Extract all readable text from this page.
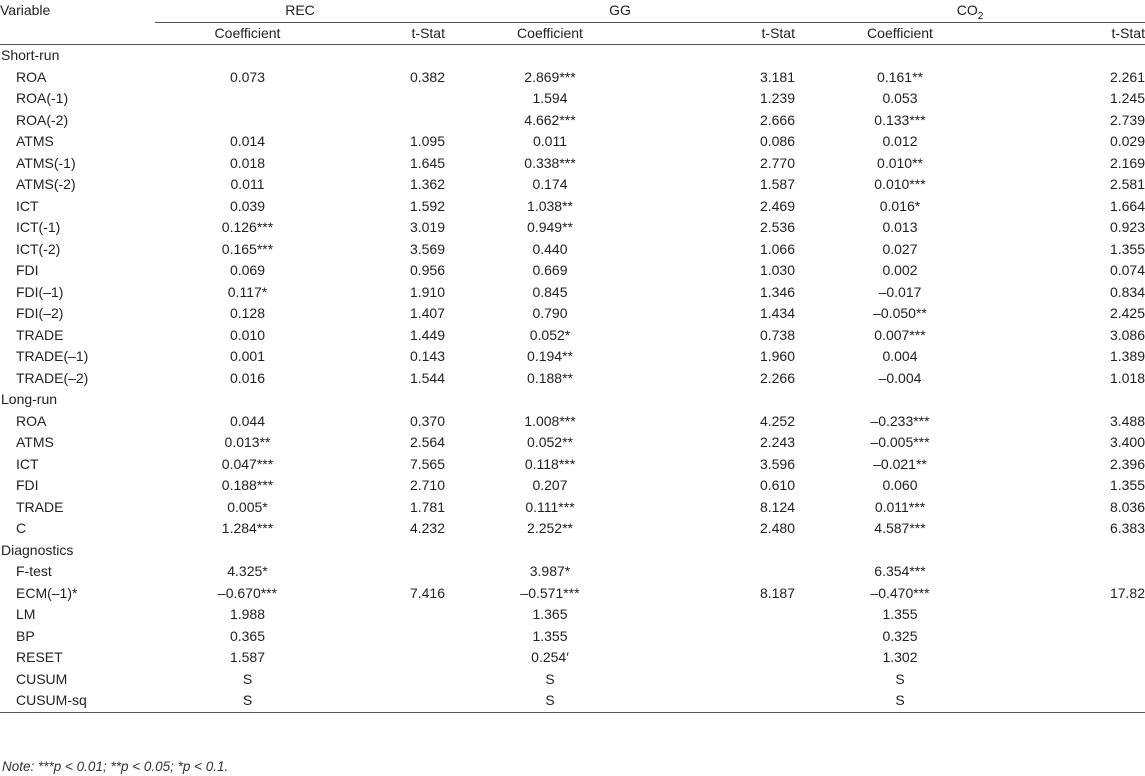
Variable	REC		GG		$CO_2$
	Coefficient	t-Stat	Coefficient	t-Stat	Coefficient	t-Stat
Short-run						
ROA	0.073	0.382	2.869***	3.181	0.161**	2.261
ROA(-1)			1.594	1.239	0.053	1.245
ROA(-2)			4.662***	2.666	0.133***	2.739
ATMS	0.014	1.095	0.011	0.086	0.012	0.029
ATMS(-1)	0.018	1.645	0.338***	2.770	0.010**	2.169
ATMS(-2)	0.011	1.362	0.174	1.587	0.010***	2.581
ICT	0.039	1.592	1.038**	2.469	0.016*	1.664
ICT(-1)	0.126***	3.019	0.949**	2.536	0.013	0.923
ICT(-2)	0.165***	3.569	0.440	1.066	0.027	1.355
FDI	0.069	0.956	0.669	1.030	0.002	0.074
FDI(–1)	0.117*	1.910	0.845	1.346	–0.017	0.834
FDI(–2)	0.128	1.407	0.790	1.434	–0.050**	2.425
TRADE	0.010	1.449	0.052*	0.738	0.007***	3.086
TRADE(–1)	0.001	0.143	0.194**	1.960	0.004	1.389
TRADE(–2)	0.016	1.544	0.188**	2.266	–0.004	1.018
Long-run						
ROA	0.044	0.370	1.008***	4.252	–0.233***	3.488
ATMS	0.013**	2.564	0.052**	2.243	–0.005***	3.400
ICT	0.047***	7.565	0.118***	3.596	–0.021**	2.396
FDI	0.188***	2.710	0.207	0.610	0.060	1.355
TRADE	0.005*	1.781	0.111***	8.124	0.011***	8.036
C	1.284***	4.232	2.252**	2.480	4.587***	6.383
Diagnostics						
F-test	4.325*		3.987*		6.354***	
ECM(–1)*	–0.670***	7.416	–0.571***	8.187	–0.470***	17.82
LM	1.988		1.365		1.355	
BP	0.365		1.355		0.325	
RESET	1.587		0.254′		1.302	
CUSUM	S		S		S	
CUSUM-sq	S		S		S	
Note: ***p < 0.01; **p < 0.05; *p < 0.1.
